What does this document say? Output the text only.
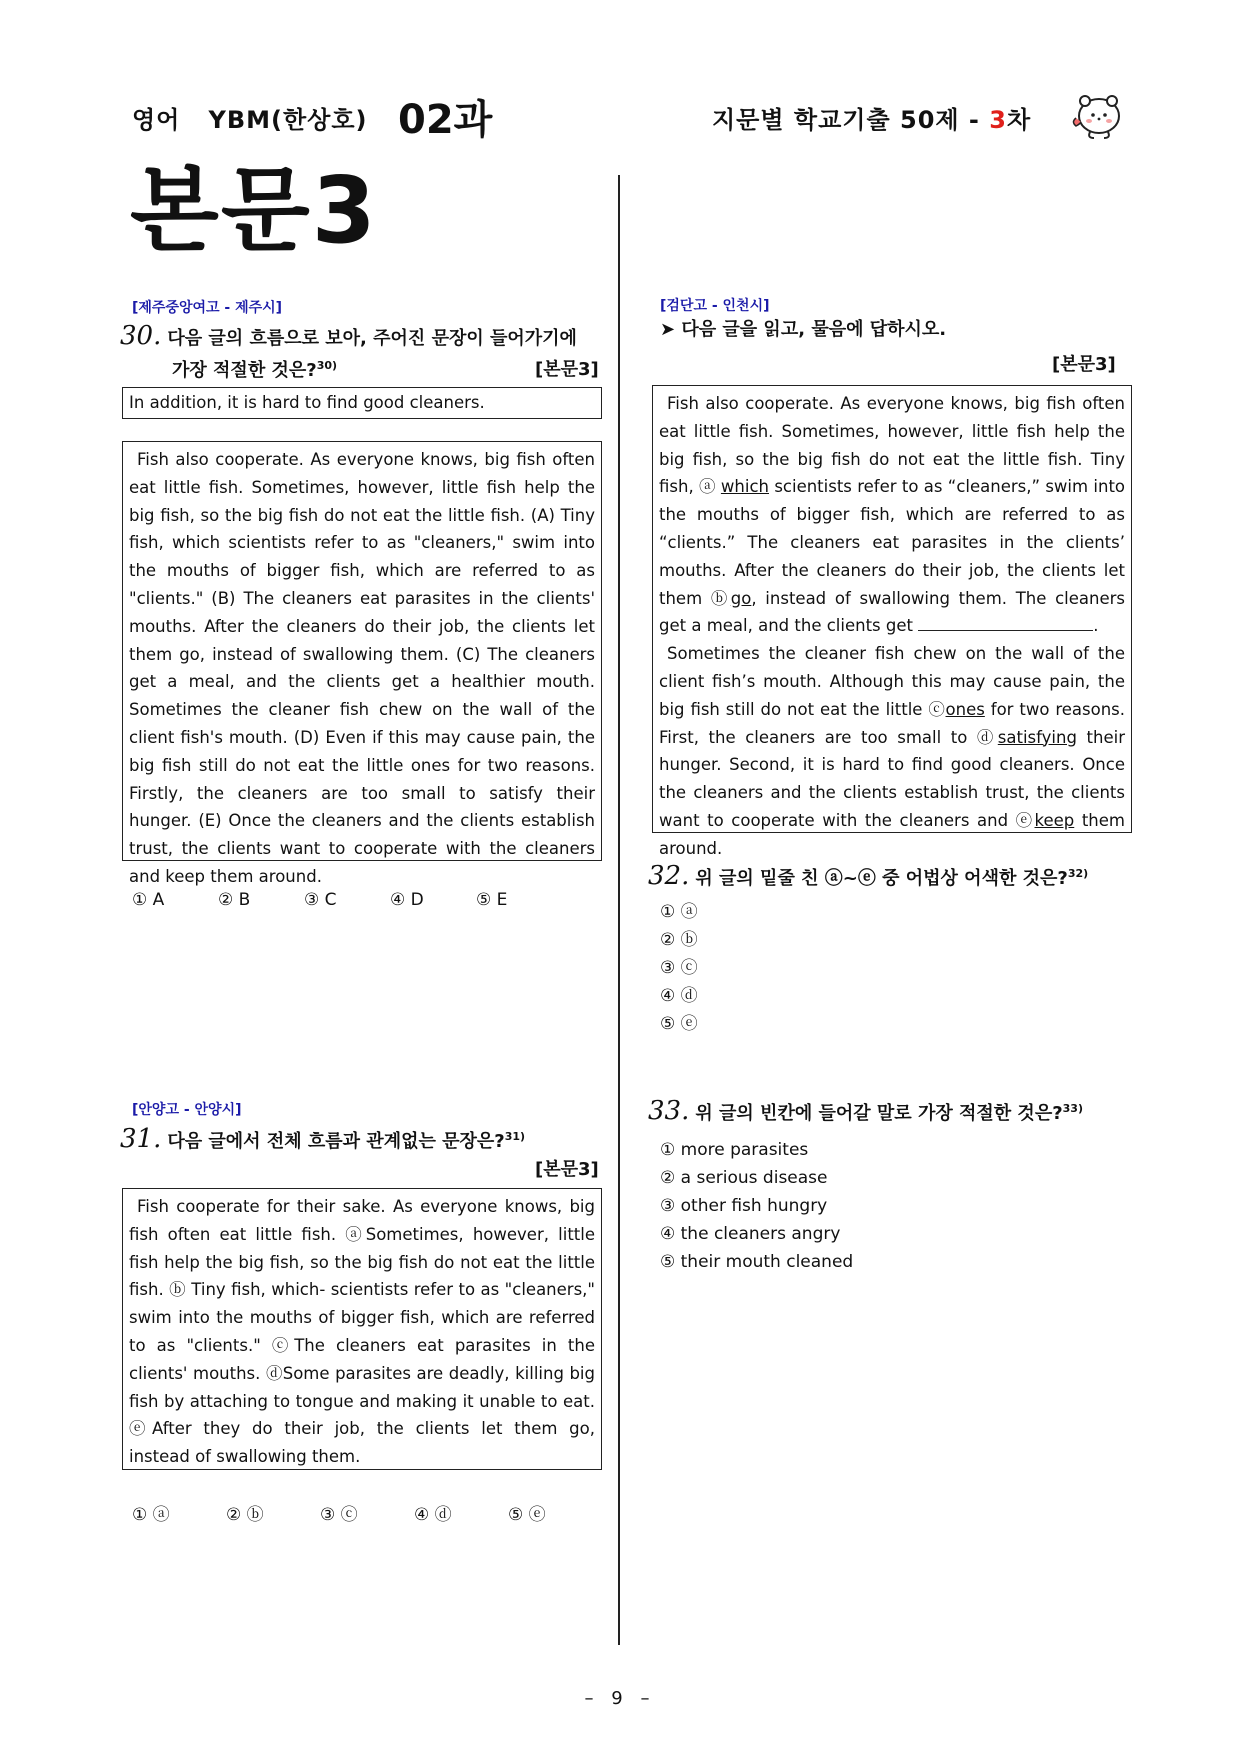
영어 YBM(한상호) 02과	지문별 학교기출 50제 - 3차
본문3
[제주중앙여고 - 제주시]
30. 다음 글의 흐름으로 보아, 주어진 문장이 들어가기에
가장 적절한 것은?$^{30)}$	[본문3]
In addition, it is hard to find good cleaners.

Fish also cooperate. As everyone knows, big fish often eat little fish. Sometimes, however, little fish help the big fish, so the big fish do not eat the little fish. (A) Tiny fish, which scientists refer to as "cleaners," swim into the mouths of bigger fish, which are referred to as "clients." (B) The cleaners eat parasites in the clients' mouths. After the cleaners do their job, the clients let them go, instead of swallowing them. (C) The cleaners get a meal, and the clients get a healthier mouth. Sometimes the cleaner fish chew on the wall of the client fish's mouth. (D) Even if this may cause pain, the big fish still do not eat the little ones for two reasons. Firstly, the cleaners are too small to satisfy their hunger. (E) Once the cleaners and the clients establish trust, the clients want to cooperate with the cleaners and keep them around.

① A	② B	③ C	④ D	⑤ E
[안양고 - 안양시]
31. 다음 글에서 전체 흐름과 관계없는 문장은?$^{31)}$
[본문3]

Fish cooperate for their sake. As everyone knows, big fish often eat little fish. ⓐSometimes, however, little fish help the big fish, so the big fish do not eat the little fish. ⓑ Tiny fish, which- scientists refer to as "cleaners," swim into the mouths of bigger fish, which are referred to as "clients." ⓒThe cleaners eat parasites in the clients' mouths. ⓓSome parasites are deadly, killing big fish by attaching to tongue and making it unable to eat. ⓔAfter they do their job, the clients let them go, instead of swallowing them.

① ⓐ	② ⓑ	③ ⓒ	④ ⓓ	⑤ ⓔ
[검단고 - 인천시]
➤ 다음 글을 읽고, 물음에 답하시오.
[본문3]

Fish also cooperate. As everyone knows, big fish often eat little fish. Sometimes, however, little fish help the big fish, so the big fish do not eat the little fish. Tiny fish, ⓐ which scientists refer to as “cleaners,” swim into the mouths of bigger fish, which are referred to as “clients.” The cleaners eat parasites in the clients’ mouths. After the cleaners do their job, the clients let them ⓑgo, instead of swallowing them. The cleaners get a meal, and the clients get	.

Sometimes the cleaner fish chew on the wall of the client fish’s mouth. Although this may cause pain, the big fish still do not eat the little ⓒones for two reasons. First, the cleaners are too small to ⓓsatisfying their hunger. Second, it is hard to find good cleaners. Once the cleaners and the clients establish trust, the clients want to cooperate with the cleaners and ⓔkeep them around.

32. 위 글의 밑줄 친 ⓐ~ⓔ 중 어법상 어색한 것은?$^{32)}$
① ⓐ
② ⓑ
③ ⓒ
④ ⓓ
⑤ ⓔ
33. 위 글의 빈칸에 들어갈 말로 가장 적절한 것은?$^{33)}$
① more parasites
② a serious disease
③ other fish hungry
④ the cleaners angry
⑤ their mouth cleaned
– 9 –
